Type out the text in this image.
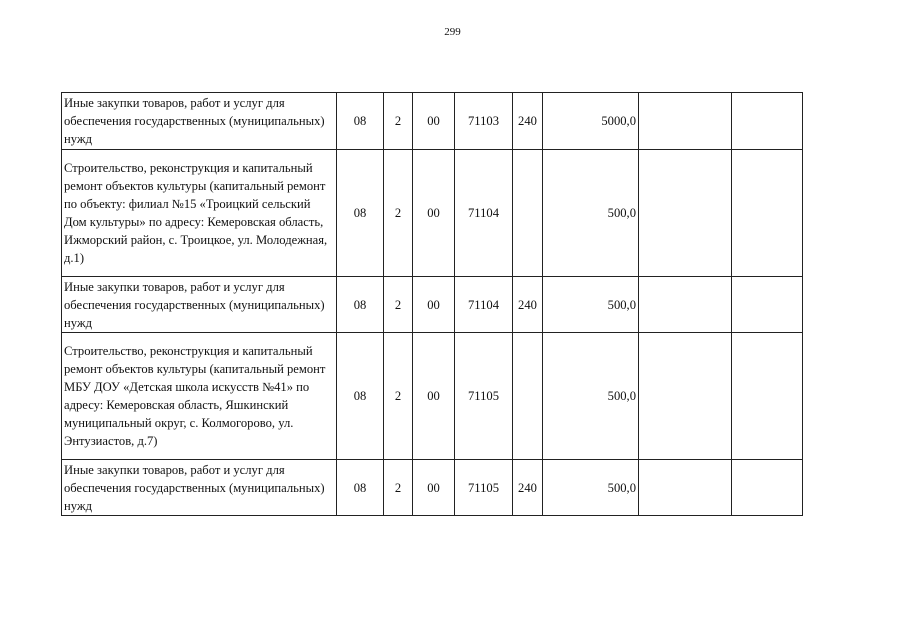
299
Иные закупки товаров, работ и услуг для обеспечения государственных (муниципальных) нужд	08	2	00	71103	240	5000,0		
Строительство, реконструкция и капитальный ремонт объектов культуры (капитальный ремонт по объекту: филиал №15 «Троицкий сельский Дом культуры» по адресу: Кемеровская область, Ижморский район, с. Троицкое, ул. Молодежная, д.1)	08	2	00	71104		500,0		
Иные закупки товаров, работ и услуг для обеспечения государственных (муниципальных) нужд	08	2	00	71104	240	500,0		
Строительство, реконструкция и капитальный ремонт объектов культуры (капитальный ремонт МБУ ДОУ «Детская школа искусств №41» по адресу: Кемеровская область, Яшкинский муниципальный округ, с. Колмогорово, ул. Энтузиастов, д.7)	08	2	00	71105		500,0		
Иные закупки товаров, работ и услуг для обеспечения государственных (муниципальных) нужд	08	2	00	71105	240	500,0		
